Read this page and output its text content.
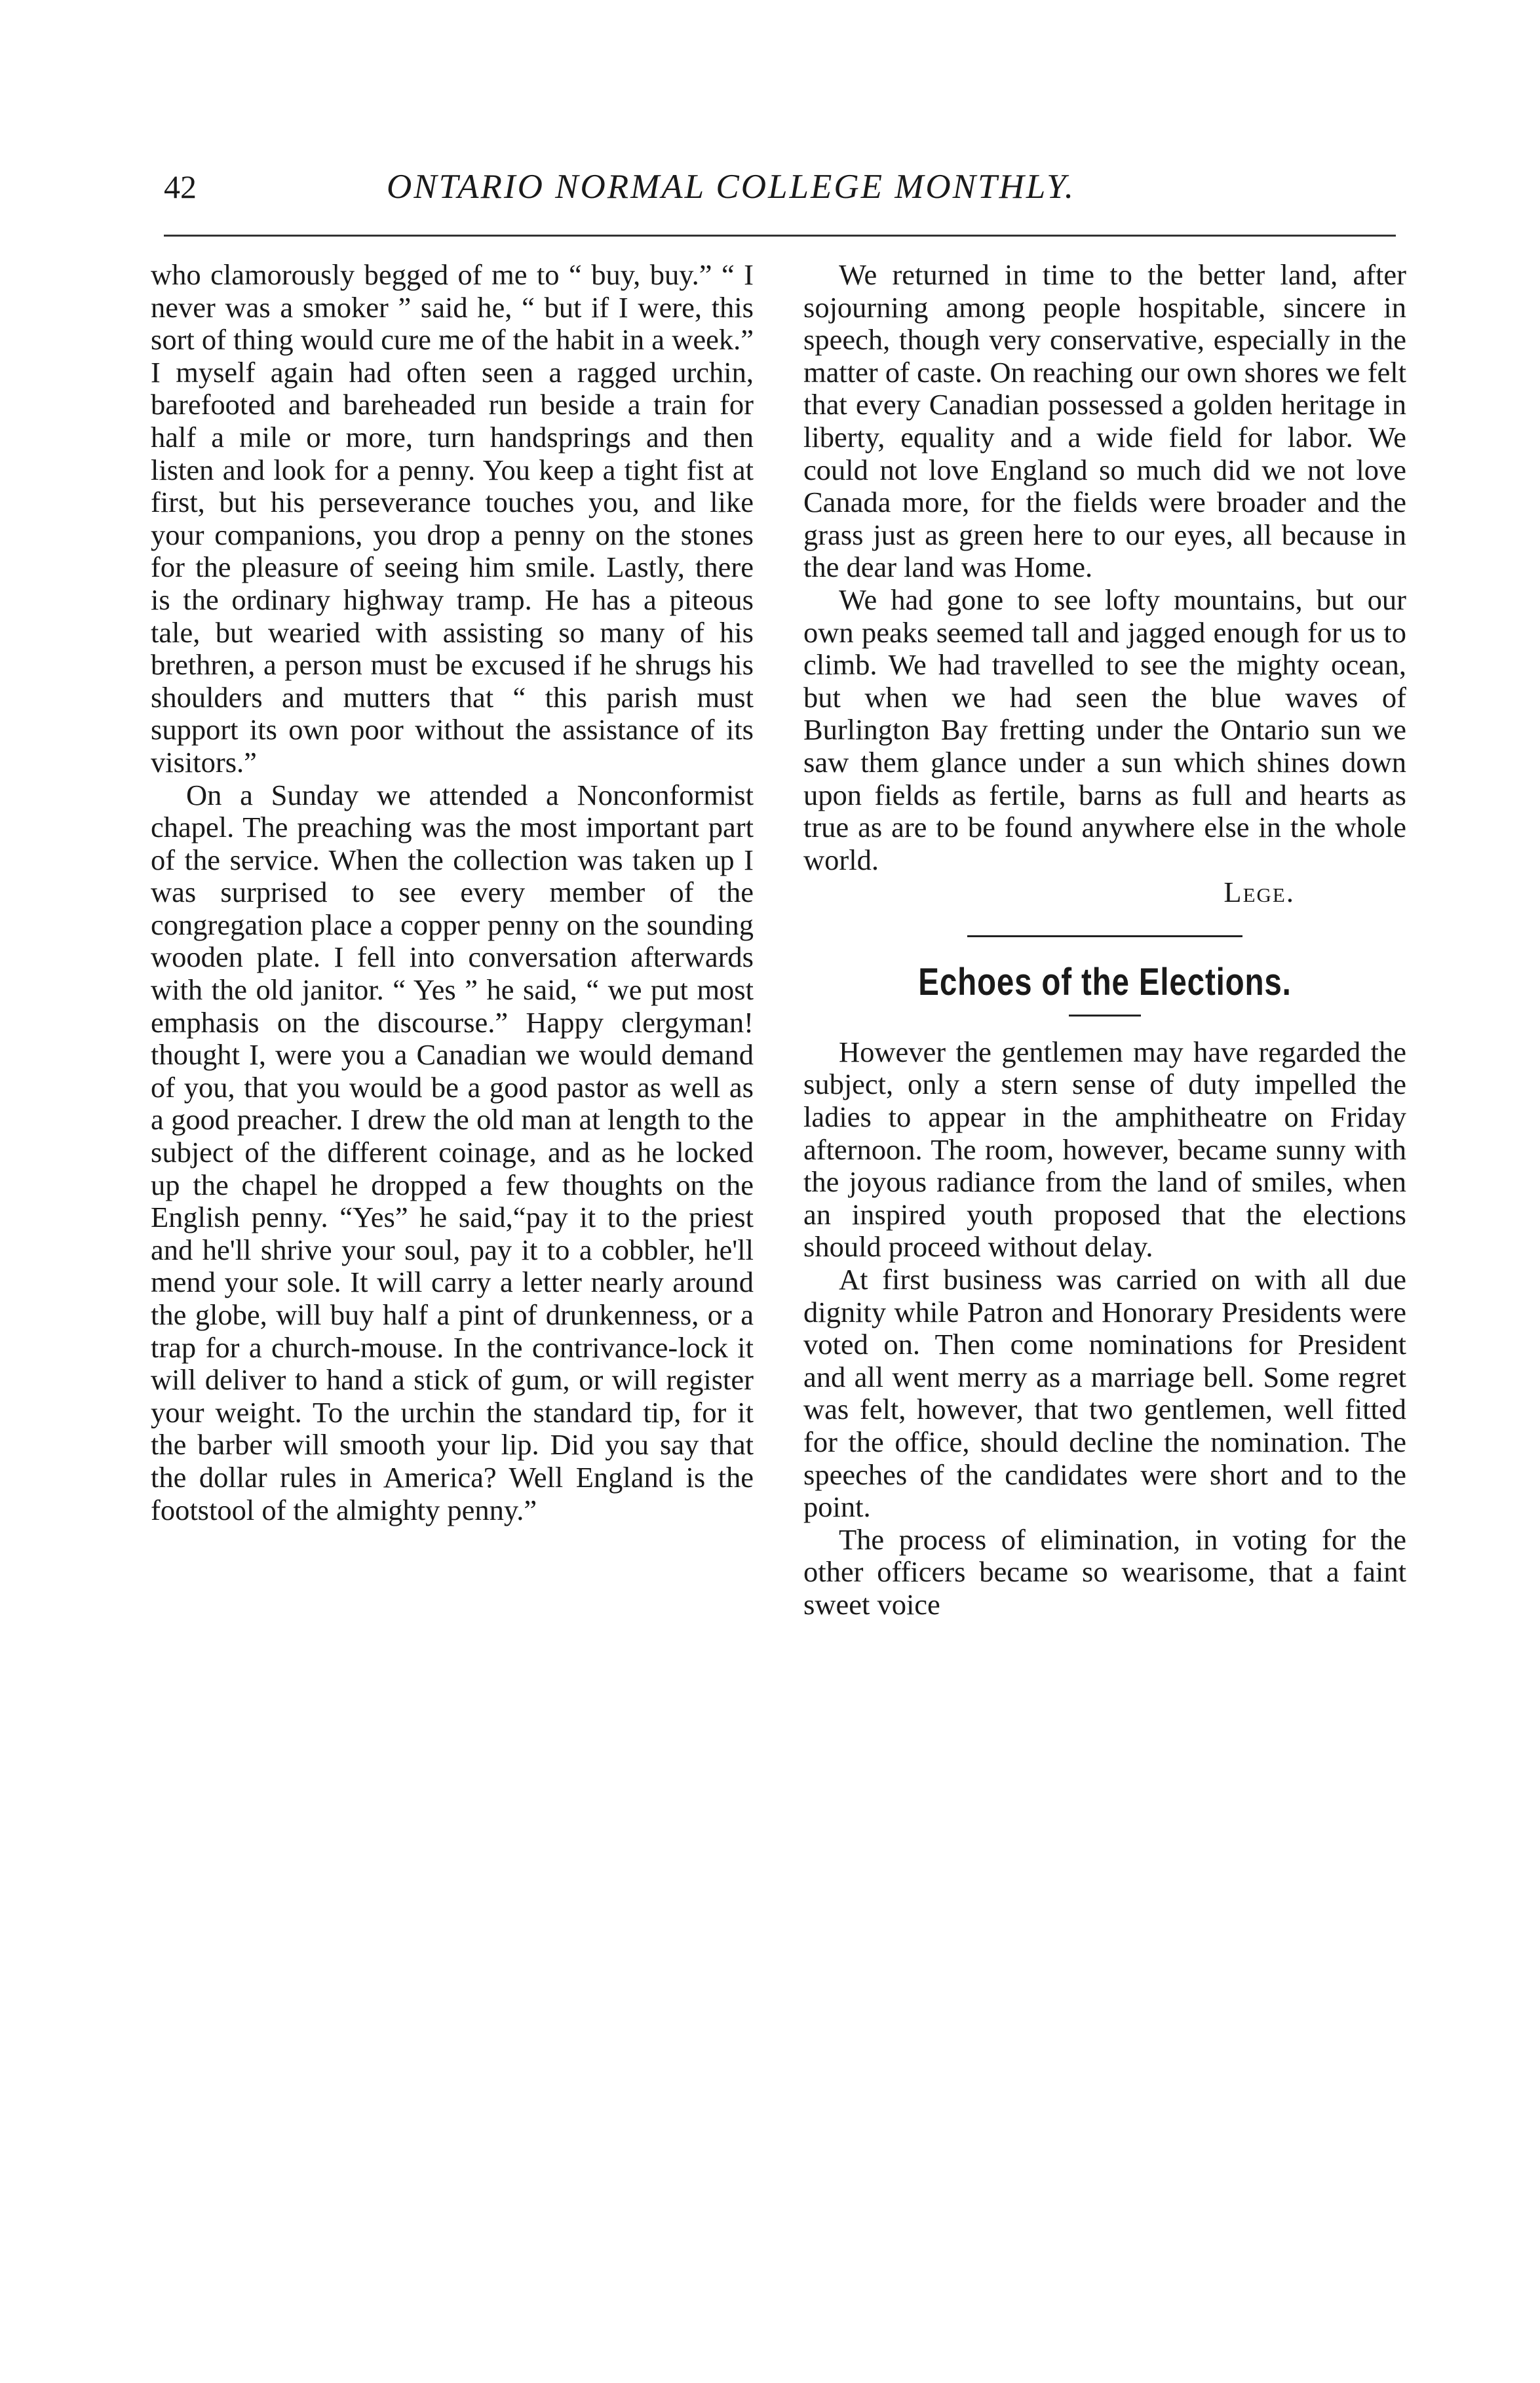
42	ONTARIO NORMAL COLLEGE MONTHLY.

who clamorously begged of me to “ buy, buy.” “ I never was a smoker ” said he, “ but if I were, this sort of thing would cure me of the habit in a week.” I myself again had often seen a ragged urchin, barefooted and bareheaded run beside a train for half a mile or more, turn handsprings and then listen and look for a penny. You keep a tight fist at first, but his perseverance touches you, and like your companions, you drop a penny on the stones for the pleasure of seeing him smile. Lastly, there is the ordinary highway tramp. He has a piteous tale, but wearied with assisting so many of his brethren, a person must be excused if he shrugs his shoulders and mutters that “ this parish must support its own poor without the assistance of its visitors.”

On a Sunday we attended a Nonconformist chapel. The preaching was the most important part of the service. When the collection was taken up I was surprised to see every member of the congregation place a copper penny on the sounding wooden plate. I fell into conversation afterwards with the old janitor. “ Yes ” he said, “ we put most emphasis on the discourse.” Happy clergyman! thought I, were you a Canadian we would demand of you, that you would be a good pastor as well as a good preacher. I drew the old man at length to the subject of the different coinage, and as he locked up the chapel he dropped a few thoughts on the English penny. “Yes” he said,“pay it to the priest and he'll shrive your soul, pay it to a cobbler, he'll mend your sole. It will carry a letter nearly around the globe, will buy half a pint of drunkenness, or a trap for a church-mouse. In the contrivance-lock it will deliver to hand a stick of gum, or will register your weight. To the urchin the standard tip, for it the barber will smooth your lip. Did you say that the dollar rules in America? Well England is the footstool of the almighty penny.”

We returned in time to the better land, after sojourning among people hospitable, sincere in speech, though very conservative, especially in the matter of caste. On reaching our own shores we felt that every Canadian possessed a golden heritage in liberty, equality and a wide field for labor. We could not love England so much did we not love Canada more, for the fields were broader and the grass just as green here to our eyes, all because in the dear land was Home.

We had gone to see lofty mountains, but our own peaks seemed tall and jagged enough for us to climb. We had travelled to see the mighty ocean, but when we had seen the blue waves of Burlington Bay fretting under the Ontario sun we saw them glance under a sun which shines down upon fields as fertile, barns as full and hearts as true as are to be found anywhere else in the whole world.

Lege.

Echoes of the Elections.

However the gentlemen may have regarded the subject, only a stern sense of duty impelled the ladies to appear in the amphitheatre on Friday afternoon. The room, however, became sunny with the joyous radiance from the land of smiles, when an inspired youth proposed that the elections should proceed without delay.

At first business was carried on with all due dignity while Patron and Honorary Presidents were voted on. Then come nominations for President and all went merry as a marriage bell. Some regret was felt, however, that two gentlemen, well fitted for the office, should decline the nomination. The speeches of the candidates were short and to the point.

The process of elimination, in voting for the other officers became so wearisome, that a faint sweet voice
